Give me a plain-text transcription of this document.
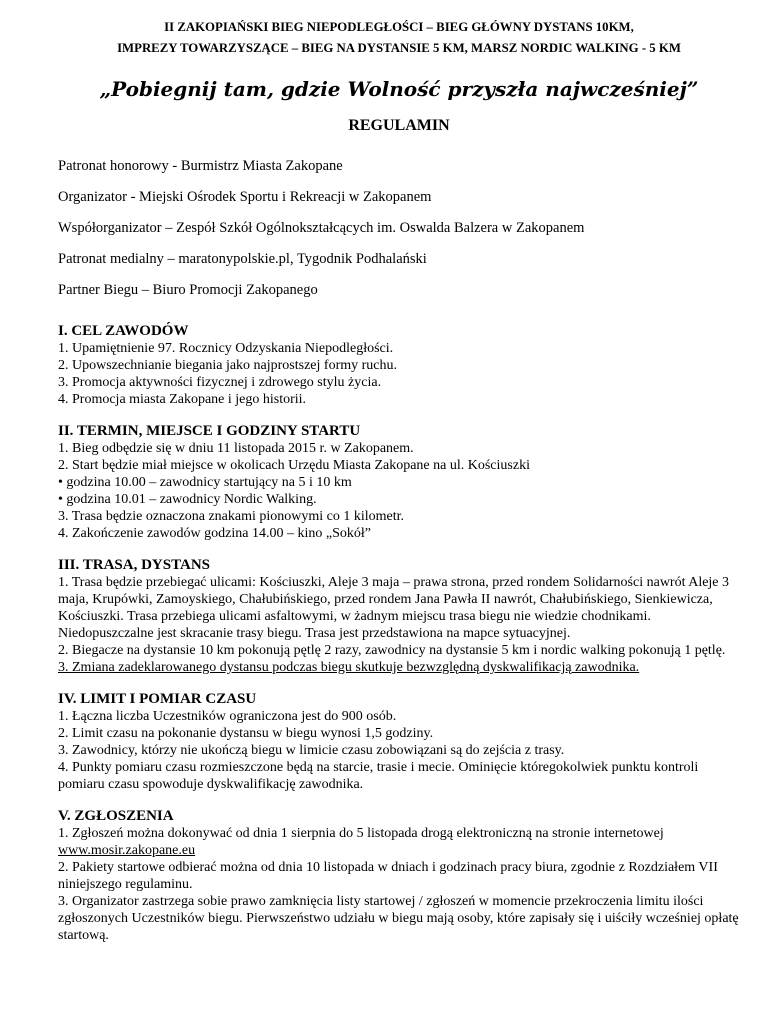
II ZAKOPIAŃSKI BIEG NIEPODLEGŁOŚCI – BIEG GŁÓWNY DYSTANS 10KM,
IMPREZY TOWARZYSZĄCE – BIEG NA DYSTANSIE 5 KM, MARSZ NORDIC WALKING - 5 KM
„Pobiegnij tam, gdzie Wolność przyszła najwcześniej”
REGULAMIN

Patronat honorowy - Burmistrz Miasta Zakopane

Organizator - Miejski Ośrodek Sportu i Rekreacji w Zakopanem

Współorganizator – Zespół Szkół Ogólnokształcących im. Oswalda Balzera w Zakopanem

Patronat medialny – maratonypolskie.pl, Tygodnik Podhalański

Partner Biegu – Biuro Promocji Zakopanego

I. CEL ZAWODÓW

1. Upamiętnienie 97. Rocznicy Odzyskania Niepodległości.

2. Upowszechnianie biegania jako najprostszej formy ruchu.

3. Promocja aktywności fizycznej i zdrowego stylu życia.

4. Promocja miasta Zakopane i jego historii.

II. TERMIN, MIEJSCE I GODZINY STARTU

1. Bieg odbędzie się w dniu 11 listopada 2015 r. w Zakopanem.

2. Start będzie miał miejsce w okolicach Urzędu Miasta Zakopane na ul. Kościuszki

• godzina 10.00 – zawodnicy startujący na 5 i 10 km

• godzina 10.01 – zawodnicy Nordic Walking.

3. Trasa będzie oznaczona znakami pionowymi co 1 kilometr.

4. Zakończenie zawodów godzina 14.00 – kino „Sokół”

III. TRASA, DYSTANS

1. Trasa będzie przebiegać ulicami: Kościuszki, Aleje 3 maja – prawa strona, przed rondem Solidarności nawrót Aleje 3 maja, Krupówki, Zamoyskiego, Chałubińskiego, przed rondem Jana Pawła II nawrót, Chałubińskiego, Sienkiewicza, Kościuszki. Trasa przebiega ulicami asfaltowymi, w żadnym miejscu trasa biegu nie wiedzie chodnikami. Niedopuszczalne jest skracanie trasy biegu. Trasa jest przedstawiona na mapce sytuacyjnej.

2. Biegacze na dystansie 10 km pokonują pętlę 2 razy, zawodnicy na dystansie 5 km i nordic walking pokonują 1 pętlę.

3. Zmiana zadeklarowanego dystansu podczas biegu skutkuje bezwzględną dyskwalifikacją zawodnika.

IV. LIMIT I POMIAR CZASU

1. Łączna liczba Uczestników ograniczona jest do 900 osób.

2. Limit czasu na pokonanie dystansu w biegu wynosi 1,5 godziny.

3. Zawodnicy, którzy nie ukończą biegu w limicie czasu zobowiązani są do zejścia z trasy.

4. Punkty pomiaru czasu rozmieszczone będą na starcie, trasie i mecie. Ominięcie któregokolwiek punktu kontroli pomiaru czasu spowoduje dyskwalifikację zawodnika.

V. ZGŁOSZENIA

1. Zgłoszeń można dokonywać od dnia 1 sierpnia do 5 listopada drogą elektroniczną na stronie internetowej

www.mosir.zakopane.eu

2. Pakiety startowe odbierać można od dnia 10 listopada w dniach i godzinach pracy biura, zgodnie z Rozdziałem VII niniejszego regulaminu.

3. Organizator zastrzega sobie prawo zamknięcia listy startowej / zgłoszeń w momencie przekroczenia limitu ilości zgłoszonych Uczestników biegu. Pierwszeństwo udziału w biegu mają osoby, które zapisały się i uiściły wcześniej opłatę startową.
